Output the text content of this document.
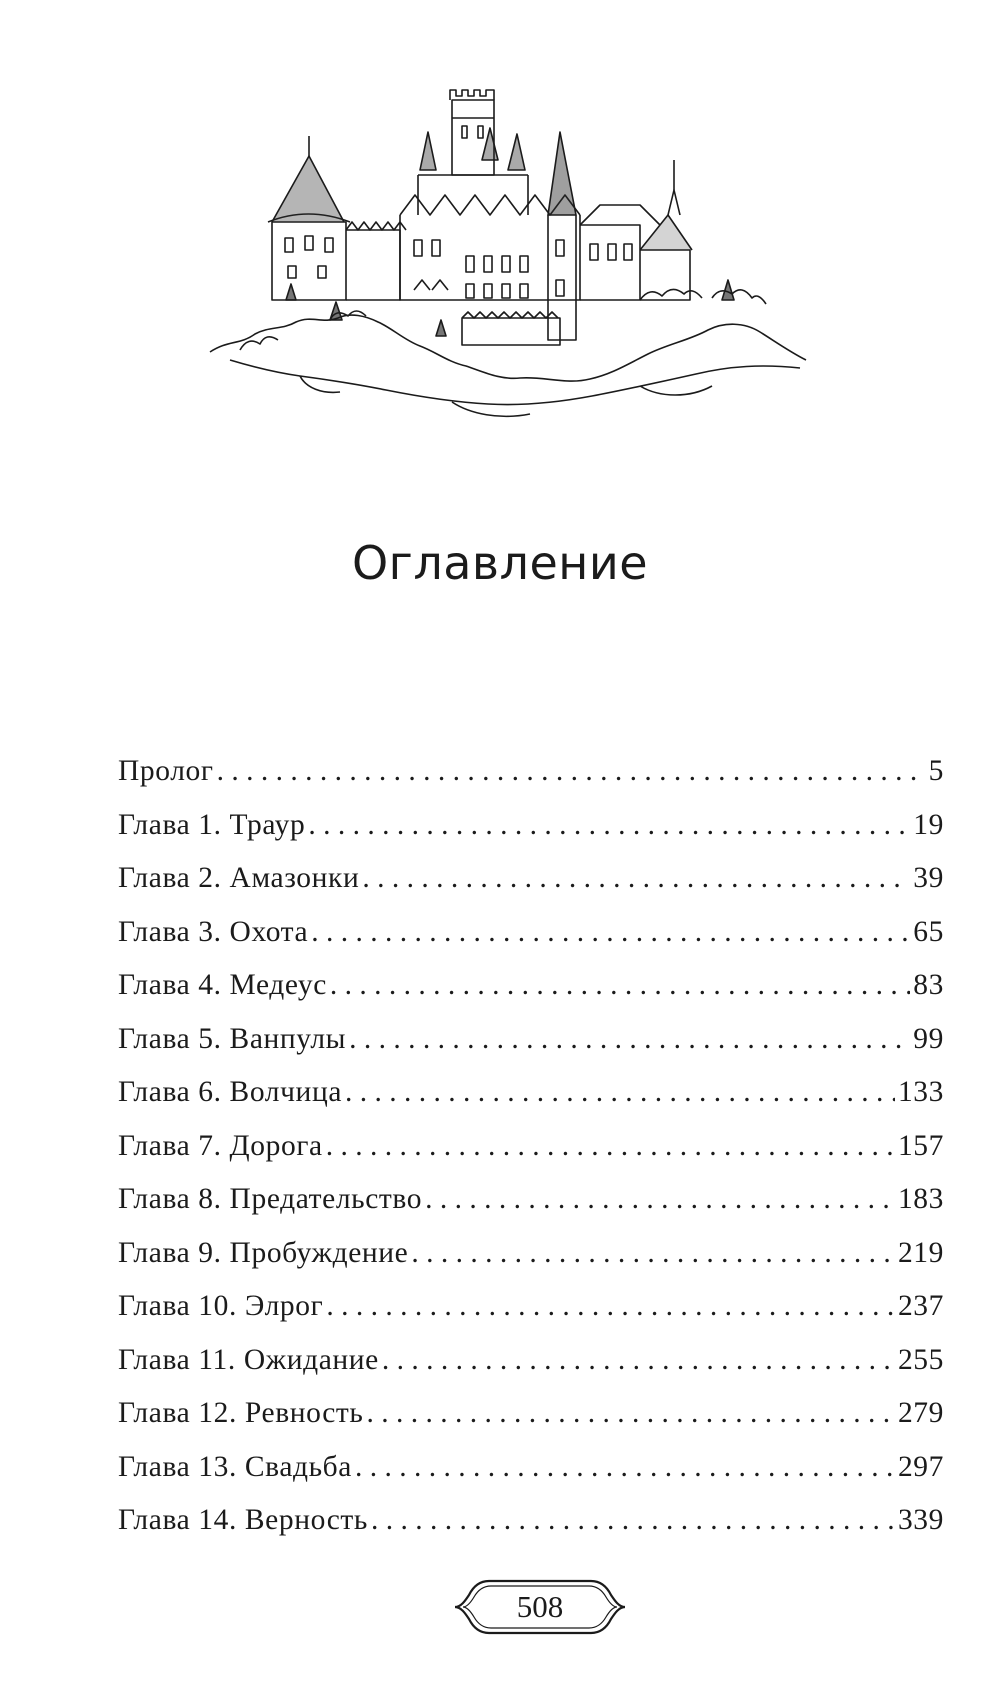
Оглавление
Пролог . . .	5
Глава 1. Траур . . .	19
Глава 2. Амазонки . . .	39
Глава 3. Охота . . .	65
Глава 4. Медеус . . .	83
Глава 5. Ванпулы . . .	99
Глава 6. Волчица . . .	133
Глава 7. Дорога . . .	157
Глава 8. Предательство . . .	183
Глава 9. Пробуждение . . .	219
Глава 10. Элрог . . .	237
Глава 11. Ожидание . . .	255
Глава 12. Ревность . . .	279
Глава 13. Свадьба . . .	297
Глава 14. Верность . . .	339
508
